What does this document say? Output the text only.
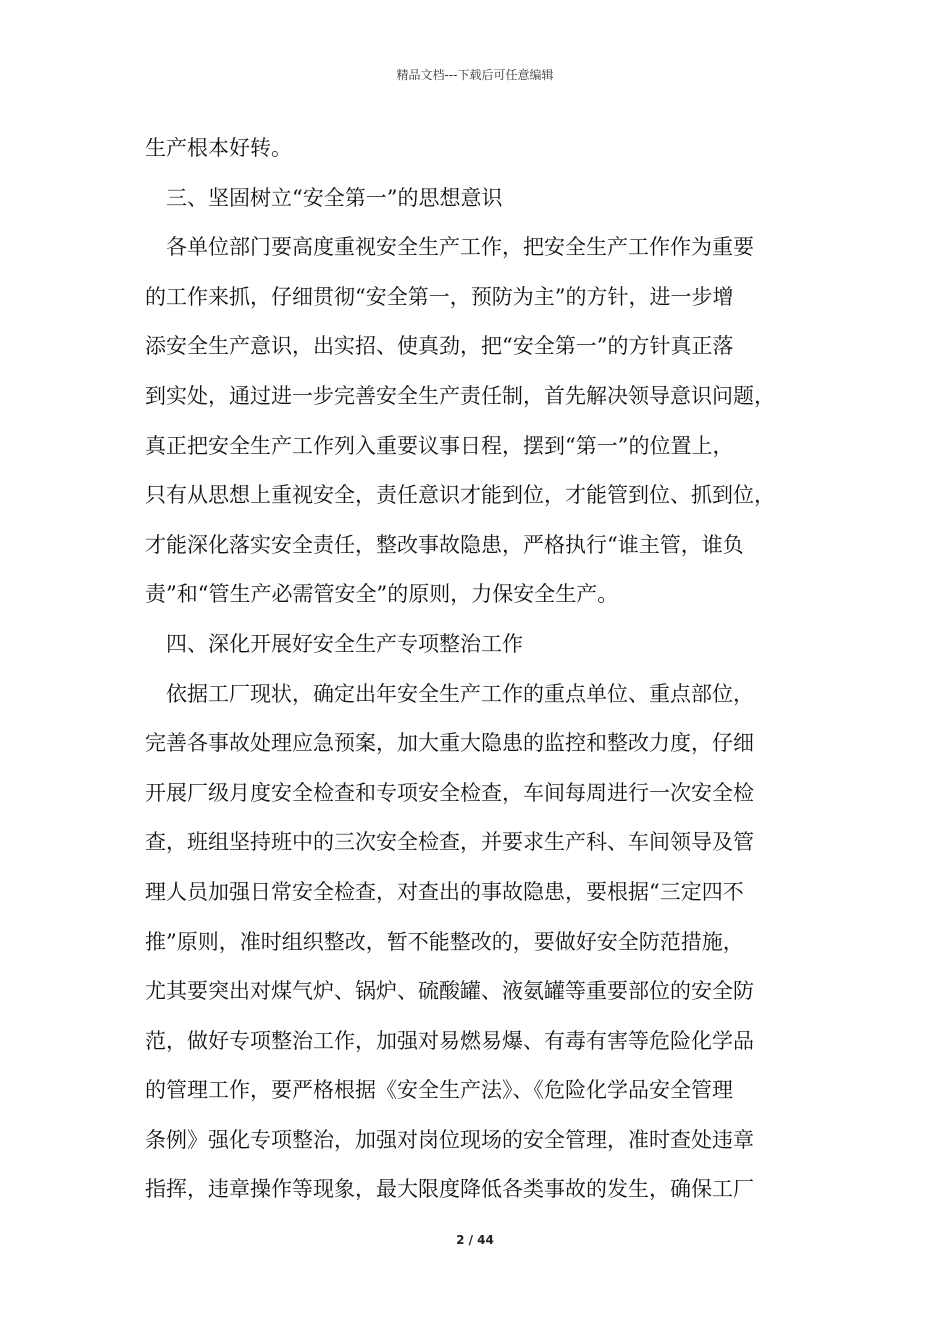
精品文档---下载后可任意编辑
生产根本好转。
三、坚固树立“安全第一”的思想意识
各单位部门要高度重视安全生产工作，把安全生产工作作为重要
的工作来抓，仔细贯彻“安全第一，预防为主”的方针，进一步增
添安全生产意识，出实招、使真劲，把“安全第一”的方针真正落
到实处，通过进一步完善安全生产责任制，首先解决领导意识问题，
真正把安全生产工作列入重要议事日程，摆到“第一”的位置上，
只有从思想上重视安全，责任意识才能到位，才能管到位、抓到位，
才能深化落实安全责任，整改事故隐患，严格执行“谁主管，谁负
责”和“管生产必需管安全”的原则，力保安全生产。
四、深化开展好安全生产专项整治工作
依据工厂现状，确定出年安全生产工作的重点单位、重点部位，
完善各事故处理应急预案，加大重大隐患的监控和整改力度，仔细
开展厂级月度安全检查和专项安全检查，车间每周进行一次安全检
查，班组坚持班中的三次安全检查，并要求生产科、车间领导及管
理人员加强日常安全检查，对查出的事故隐患，要根据“三定四不
推”原则，准时组织整改，暂不能整改的，要做好安全防范措施，
尤其要突出对煤气炉、锅炉、硫酸罐、液氨罐等重要部位的安全防
范，做好专项整治工作，加强对易燃易爆、有毒有害等危险化学品
的管理工作，要严格根据《安全生产法》、《危险化学品安全管理
条例》强化专项整治，加强对岗位现场的安全管理，准时查处违章
指挥，违章操作等现象，最大限度降低各类事故的发生，确保工厂
2 / 44
